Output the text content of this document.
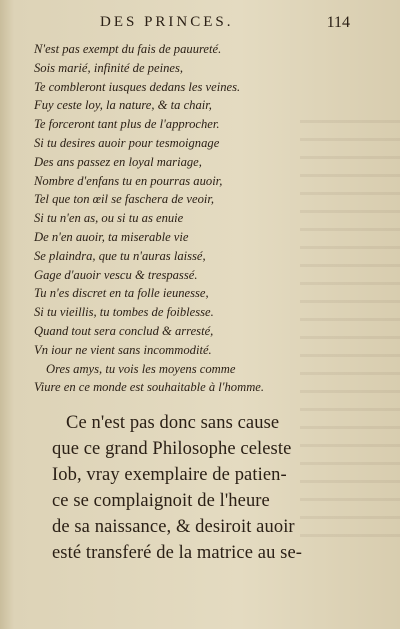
DES PRINCES.	114
N'est pas exempt du fais de pauureté.
Sois marié, infinité de peines,
Te combleront iusques dedans les veines.
Fuy ceste loy, la nature, & ta chair,
Te forceront tant plus de l'approcher.
Si tu desires auoir pour tesmoignage
Des ans passez en loyal mariage,
Nombre d'enfans tu en pourras auoir,
Tel que ton œil se faschera de veoir,
Si tu n'en as, ou si tu as enuie
De n'en auoir, ta miserable vie
Se plaindra, que tu n'auras laissé,
Gage d'auoir vescu & trespassé.
Tu n'es discret en ta folle ieunesse,
Si tu vieillis, tu tombes de foiblesse.
Quand tout sera conclud & arresté,
Vn iour ne vient sans incommodité.
Ores amys, tu vois les moyens comme
Viure en ce monde est souhaitable à l'homme.
Ce n'est pas donc sans cause
que ce grand Philosophe celeste
Iob, vray exemplaire de patien-
ce se complaignoit de l'heure
de sa naissance, & desiroit auoir
esté transferé de la matrice au se-
